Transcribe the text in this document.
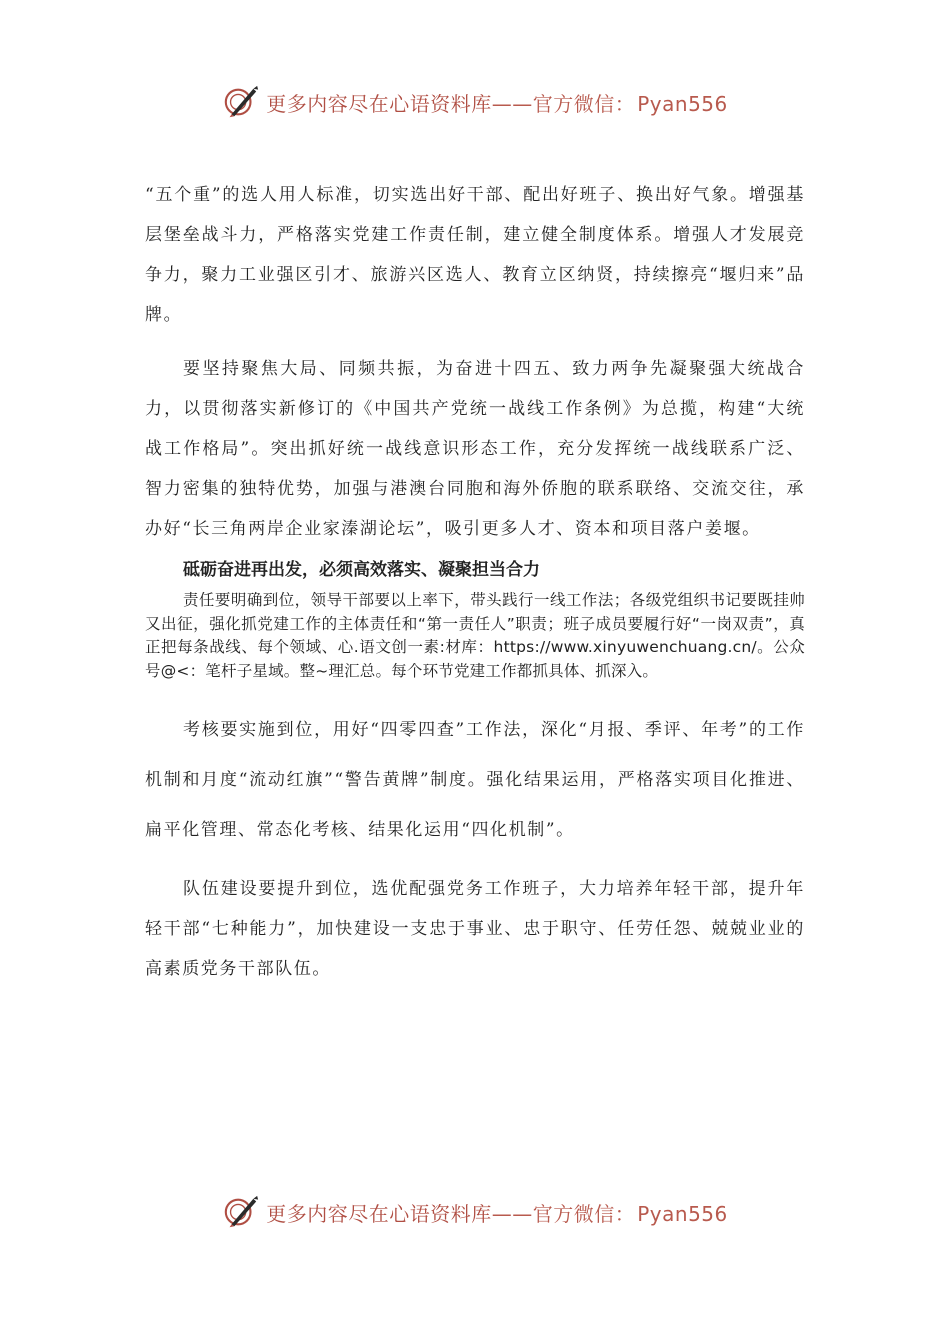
更多内容尽在心语资料库——官方微信： Pyan556

“五个重”的选人用人标准，切实选出好干部、配出好班子、换出好气象。增强基层堡垒战斗力，严格落实党建工作责任制，建立健全制度体系。增强人才发展竞争力，聚力工业强区引才、旅游兴区选人、教育立区纳贤，持续擦亮“堰归来”品牌。

要坚持聚焦大局、同频共振，为奋进十四五、致力两争先凝聚强大统战合力，以贯彻落实新修订的《中国共产党统一战线工作条例》为总揽，构建“大统战工作格局”。突出抓好统一战线意识形态工作，充分发挥统一战线联系广泛、智力密集的独特优势，加强与港澳台同胞和海外侨胞的联系联络、交流交往，承办好“长三角两岸企业家溱湖论坛”，吸引更多人才、资本和项目落户姜堰。

砥砺奋进再出发，必须高效落实、凝聚担当合力

责任要明确到位，领导干部要以上率下，带头践行一线工作法；各级党组织书记要既挂帅又出征，强化抓党建工作的主体责任和“第一责任人”职责；班子成员要履行好“一岗双责”，真正把每条战线、每个领域、心.语文创一素:材库：https://www.xinyuwenchuang.cn/。公众号@<：笔杆子星域。整~理汇总。每个环节党建工作都抓具体、抓深入。

考核要实施到位，用好“四零四查”工作法，深化“月报、季评、年考”的工作机制和月度“流动红旗”“警告黄牌”制度。强化结果运用，严格落实项目化推进、扁平化管理、常态化考核、结果化运用“四化机制”。

队伍建设要提升到位，选优配强党务工作班子，大力培养年轻干部，提升年轻干部“七种能力”，加快建设一支忠于事业、忠于职守、任劳任怨、兢兢业业的高素质党务干部队伍。

更多内容尽在心语资料库——官方微信： Pyan556
